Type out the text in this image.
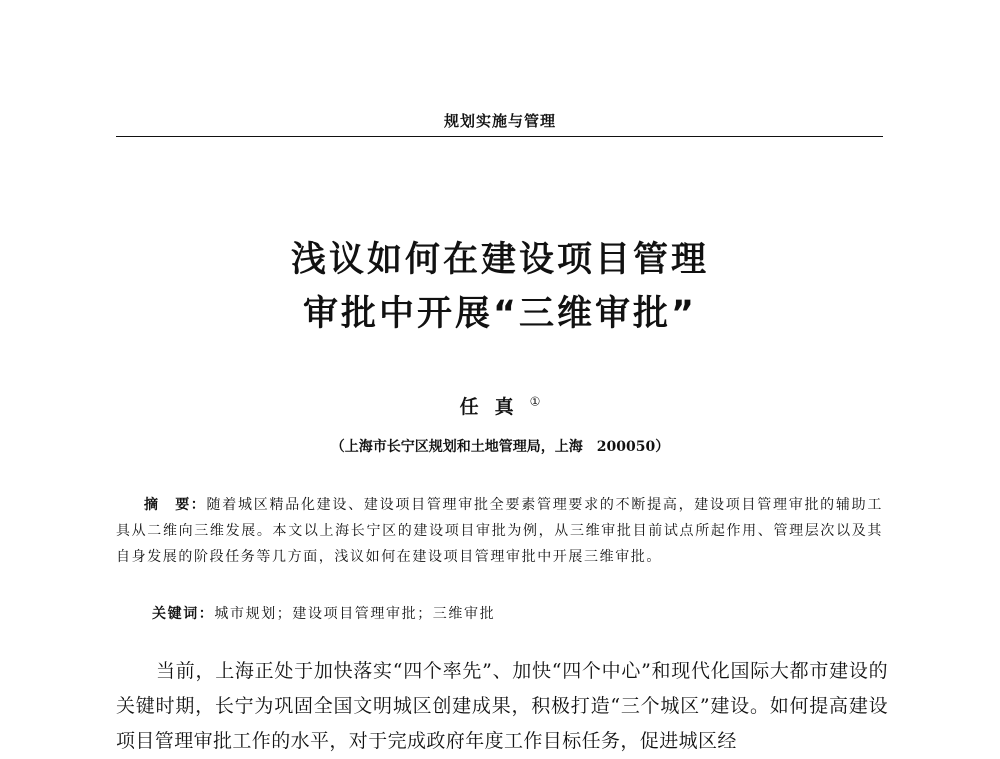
规划实施与管理
浅议如何在建设项目管理
审批中开展“三维审批”
任真①
（上海市长宁区规划和土地管理局，上海　200050）
摘　要：随着城区精品化建设、建设项目管理审批全要素管理要求的不断提高，建设项目管理审批的辅助工具从二维向三维发展。本文以上海长宁区的建设项目审批为例，从三维审批目前试点所起作用、管理层次以及其自身发展的阶段任务等几方面，浅议如何在建设项目管理审批中开展三维审批。
关键词：城市规划；建设项目管理审批；三维审批
当前，上海正处于加快落实“四个率先”、加快“四个中心”和现代化国际大都市建设的关键时期，长宁为巩固全国文明城区创建成果，积极打造“三个城区”建设。如何提高建设项目管理审批工作的水平，对于完成政府年度工作目标任务，促进城区经
